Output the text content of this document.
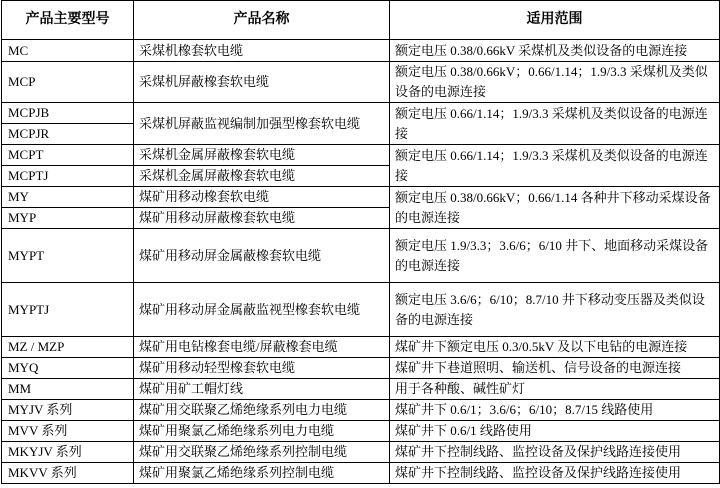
产品主要型号	产品名称	适用范围
MC	采煤机橡套软电缆	额定电压 0.38/0.66kV 采煤机及类似设备的电源连接
MCP	采煤机屏蔽橡套软电缆	额定电压 0.38/0.66kV；0.66/1.14；1.9/3.3 采煤机及类似设备的电源连接
MCPJB	采煤机屏蔽监视编制加强型橡套软电缆	额定电压 0.66/1.14；1.9/3.3 采煤机及类似设备的电源连接
MCPJR		
MCPT	采煤机金属屏蔽橡套软电缆	额定电压 0.66/1.14；1.9/3.3 采煤机及类似设备的电源连接
MCPTJ	采煤机金属屏蔽橡套软电缆	
MY	煤矿用移动橡套软电缆	额定电压 0.38/0.66kV；0.66/1.14 各种井下移动采煤设备的电源连接
MYP	煤矿用移动屏蔽橡套软电缆	
MYPT	煤矿用移动屏金属蔽橡套软电缆	额定电压 1.9/3.3；3.6/6；6/10 井下、地面移动采煤设备的电源连接
MYPTJ	煤矿用移动屏金属蔽监视型橡套软电缆	额定电压 3.6/6；6/10；8.7/10 井下移动变压器及类似设备的电源连接
MZ / MZP	煤矿用电钻橡套电缆/屏蔽橡套电缆	煤矿井下额定电压 0.3/0.5kV 及以下电钻的电源连接
MYQ	煤矿用移动轻型橡套软电缆	煤矿井下巷道照明、输送机、信号设备的电源连接
MM	煤矿用矿工帽灯线	用于各种酸、碱性矿灯
MYJV 系列	煤矿用交联聚乙烯绝缘系列电力电缆	煤矿井下 0.6/1；3.6/6；6/10；8.7/15 线路使用
MVV 系列	煤矿用聚氯乙烯绝缘系列电力电缆	煤矿井下 0.6/1 线路使用
MKYJV 系列	煤矿用交联聚乙烯绝缘系列控制电缆	煤矿井下控制线路、监控设备及保护线路连接使用
MKVV 系列	煤矿用聚氯乙烯绝缘系列控制电缆	煤矿井下控制线路、监控设备及保护线路连接使用
